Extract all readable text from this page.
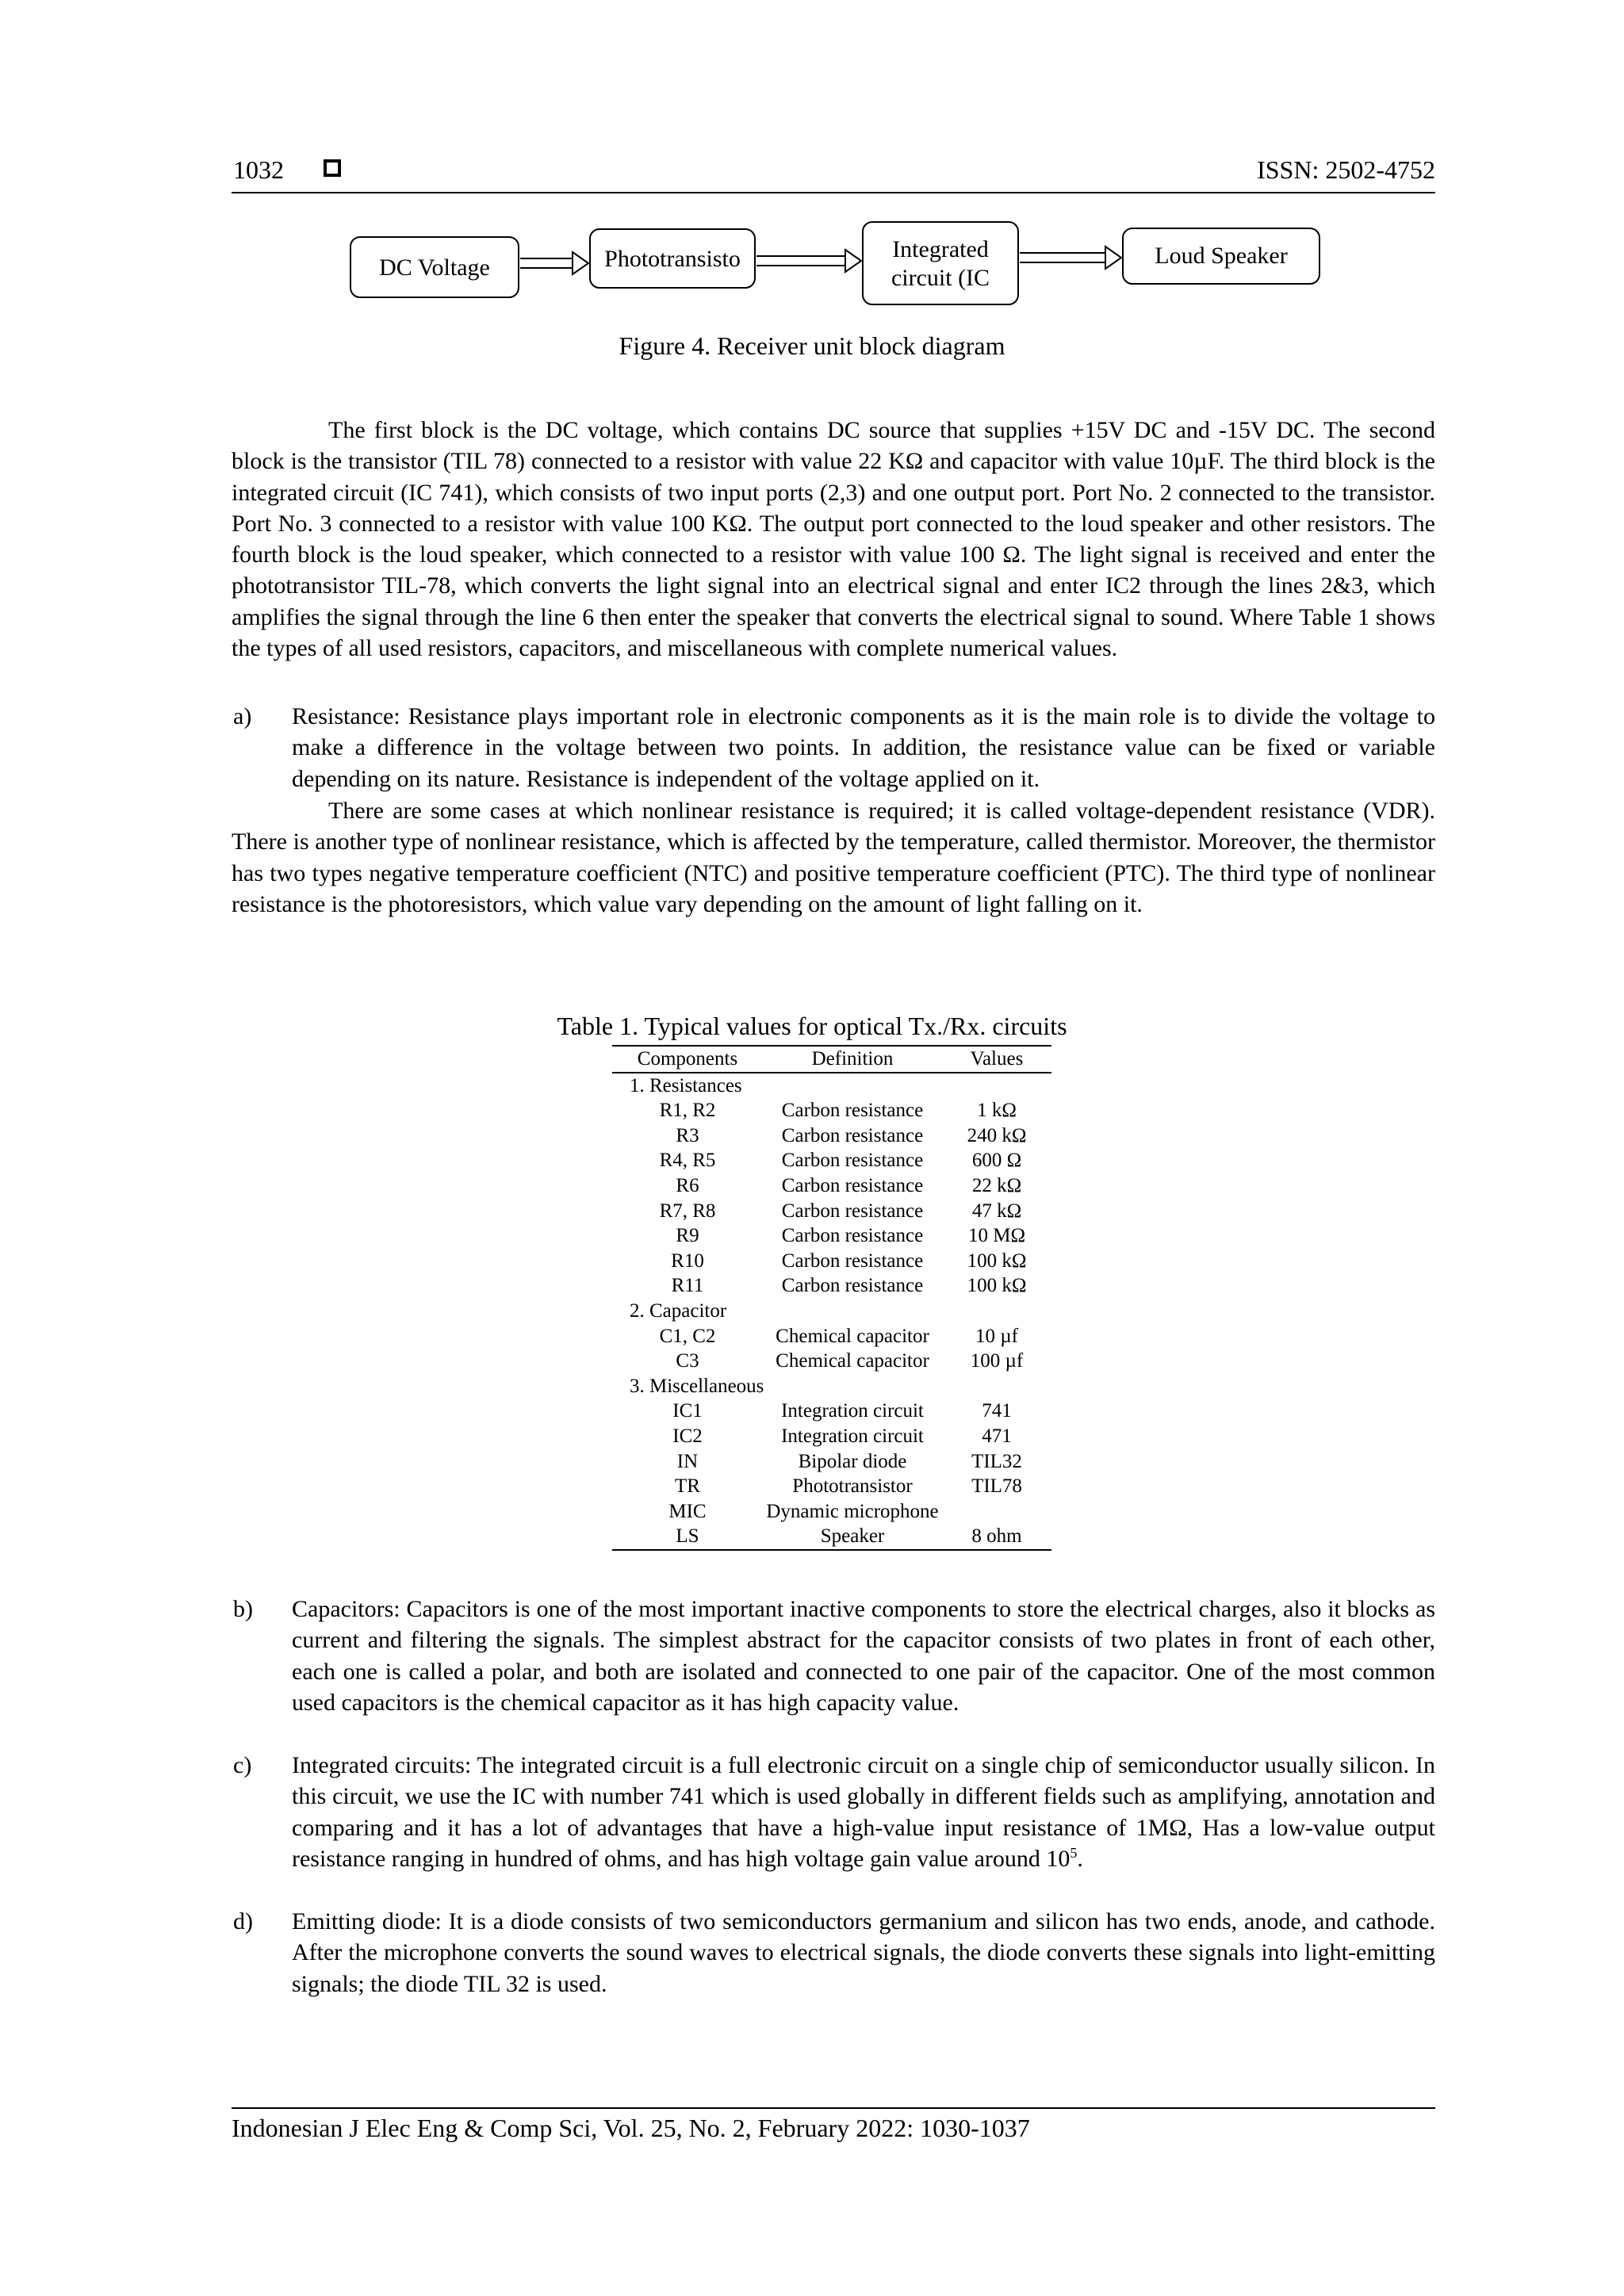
1032	ISSN: 2502-4752
DC Voltage	Phototransisto	Integrated
circuit (IC
Loud Speaker
Figure 4. Receiver unit block diagram

The first block is the DC voltage, which contains DC source that supplies +15V DC and -15V DC. The second block is the transistor (TIL 78) connected to a resistor with value 22 KΩ and capacitor with value 10µF. The third block is the integrated circuit (IC 741), which consists of two input ports (2,3) and one output port. Port No. 2 connected to the transistor. Port No. 3 connected to a resistor with value 100 KΩ. The output port connected to the loud speaker and other resistors. The fourth block is the loud speaker, which connected to a resistor with value 100 Ω. The light signal is received and enter the phototransistor TIL-78, which converts the light signal into an electrical signal and enter IC2 through the lines 2&3, which amplifies the signal through the line 6 then enter the speaker that converts the electrical signal to sound. Where Table 1 shows the types of all used resistors, capacitors, and miscellaneous with complete numerical values.

a) Resistance: Resistance plays important role in electronic components as it is the main role is to divide the voltage to make a difference in the voltage between two points. In addition, the resistance value can be fixed or variable depending on its nature. Resistance is independent of the voltage applied on it.

There are some cases at which nonlinear resistance is required; it is called voltage-dependent resistance (VDR). There is another type of nonlinear resistance, which is affected by the temperature, called thermistor. Moreover, the thermistor has two types negative temperature coefficient (NTC) and positive temperature coefficient (PTC). The third type of nonlinear resistance is the photoresistors, which value vary depending on the amount of light falling on it.

Table 1. Typical values for optical Tx./Rx. circuits
Components	Definition	Values
1. Resistances		
R1, R2	Carbon resistance	1 kΩ
R3	Carbon resistance	240 kΩ
R4, R5	Carbon resistance	600 Ω
R6	Carbon resistance	22 kΩ
R7, R8	Carbon resistance	47 kΩ
R9	Carbon resistance	10 MΩ
R10	Carbon resistance	100 kΩ
R11	Carbon resistance	100 kΩ
2. Capacitor		
C1, C2	Chemical capacitor	10 µf
C3	Chemical capacitor	100 µf
3. Miscellaneous		
IC1	Integration circuit	741
IC2	Integration circuit	471
IN	Bipolar diode	TIL32
TR	Phototransistor	TIL78
MIC	Dynamic microphone	
LS	Speaker	8 ohm
b) Capacitors: Capacitors is one of the most important inactive components to store the electrical charges, also it blocks as current and filtering the signals. The simplest abstract for the capacitor consists of two plates in front of each other, each one is called a polar, and both are isolated and connected to one pair of the capacitor. One of the most common used capacitors is the chemical capacitor as it has high capacity value.
c) Integrated circuits: The integrated circuit is a full electronic circuit on a single chip of semiconductor usually silicon. In this circuit, we use the IC with number 741 which is used globally in different fields such as amplifying, annotation and comparing and it has a lot of advantages that have a high-value input resistance of 1MΩ, Has a low-value output resistance ranging in hundred of ohms, and has high voltage gain value around $10^5$.
d) Emitting diode: It is a diode consists of two semiconductors germanium and silicon has two ends, anode, and cathode. After the microphone converts the sound waves to electrical signals, the diode converts these signals into light-emitting signals; the diode TIL 32 is used.
Indonesian J Elec Eng & Comp Sci, Vol. 25, No. 2, February 2022: 1030-1037
